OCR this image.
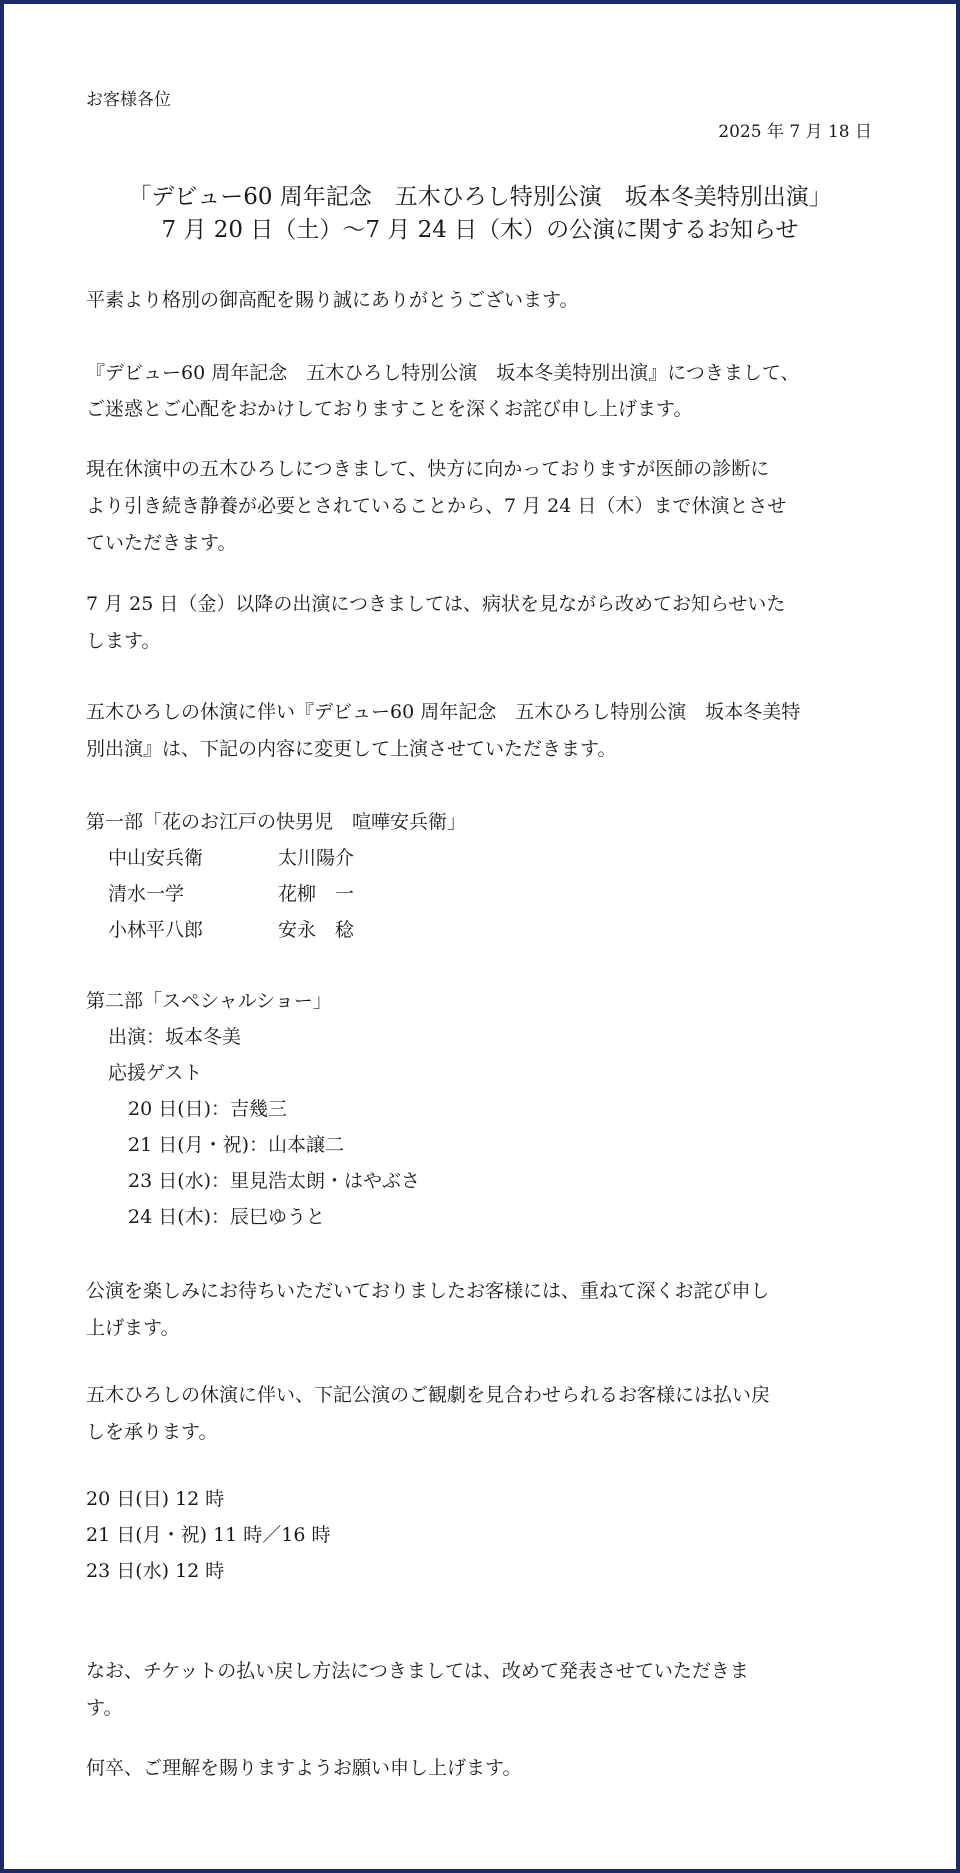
お客様各位

2025 年 7 月 18 日

「デビュー60 周年記念　五木ひろし特別公演　坂本冬美特別出演」

7 月 20 日（土）～7 月 24 日（木）の公演に関するお知らせ

平素より格別の御高配を賜り誠にありがとうございます。

『デビュー60 周年記念　五木ひろし特別公演　坂本冬美特別出演』につきまして、

ご迷惑とご心配をおかけしておりますことを深くお詫び申し上げます。

現在休演中の五木ひろしにつきまして、快方に向かっておりますが医師の診断に

より引き続き静養が必要とされていることから、7 月 24 日（木）まで休演とさせ

ていただきます。

7 月 25 日（金）以降の出演につきましては、病状を見ながら改めてお知らせいた

します。

五木ひろしの休演に伴い『デビュー60 周年記念　五木ひろし特別公演　坂本冬美特

別出演』は、下記の内容に変更して上演させていただきます。

第一部「花のお江戸の快男児　喧嘩安兵衛」

中山安兵衛	太川陽介

清水一学	花柳　一

小林平八郎	安永　稔

第二部「スペシャルショー」

出演：坂本冬美

応援ゲスト

20 日(日)：吉幾三

21 日(月・祝)：山本譲二

23 日(水)：里見浩太朗・はやぶさ

24 日(木)：辰巳ゆうと

公演を楽しみにお待ちいただいておりましたお客様には、重ねて深くお詫び申し

上げます。

五木ひろしの休演に伴い、下記公演のご観劇を見合わせられるお客様には払い戻

しを承ります。

20 日(日) 12 時

21 日(月・祝) 11 時／16 時

23 日(水) 12 時

なお、チケットの払い戻し方法につきましては、改めて発表させていただきま

す。

何卒、ご理解を賜りますようお願い申し上げます。
